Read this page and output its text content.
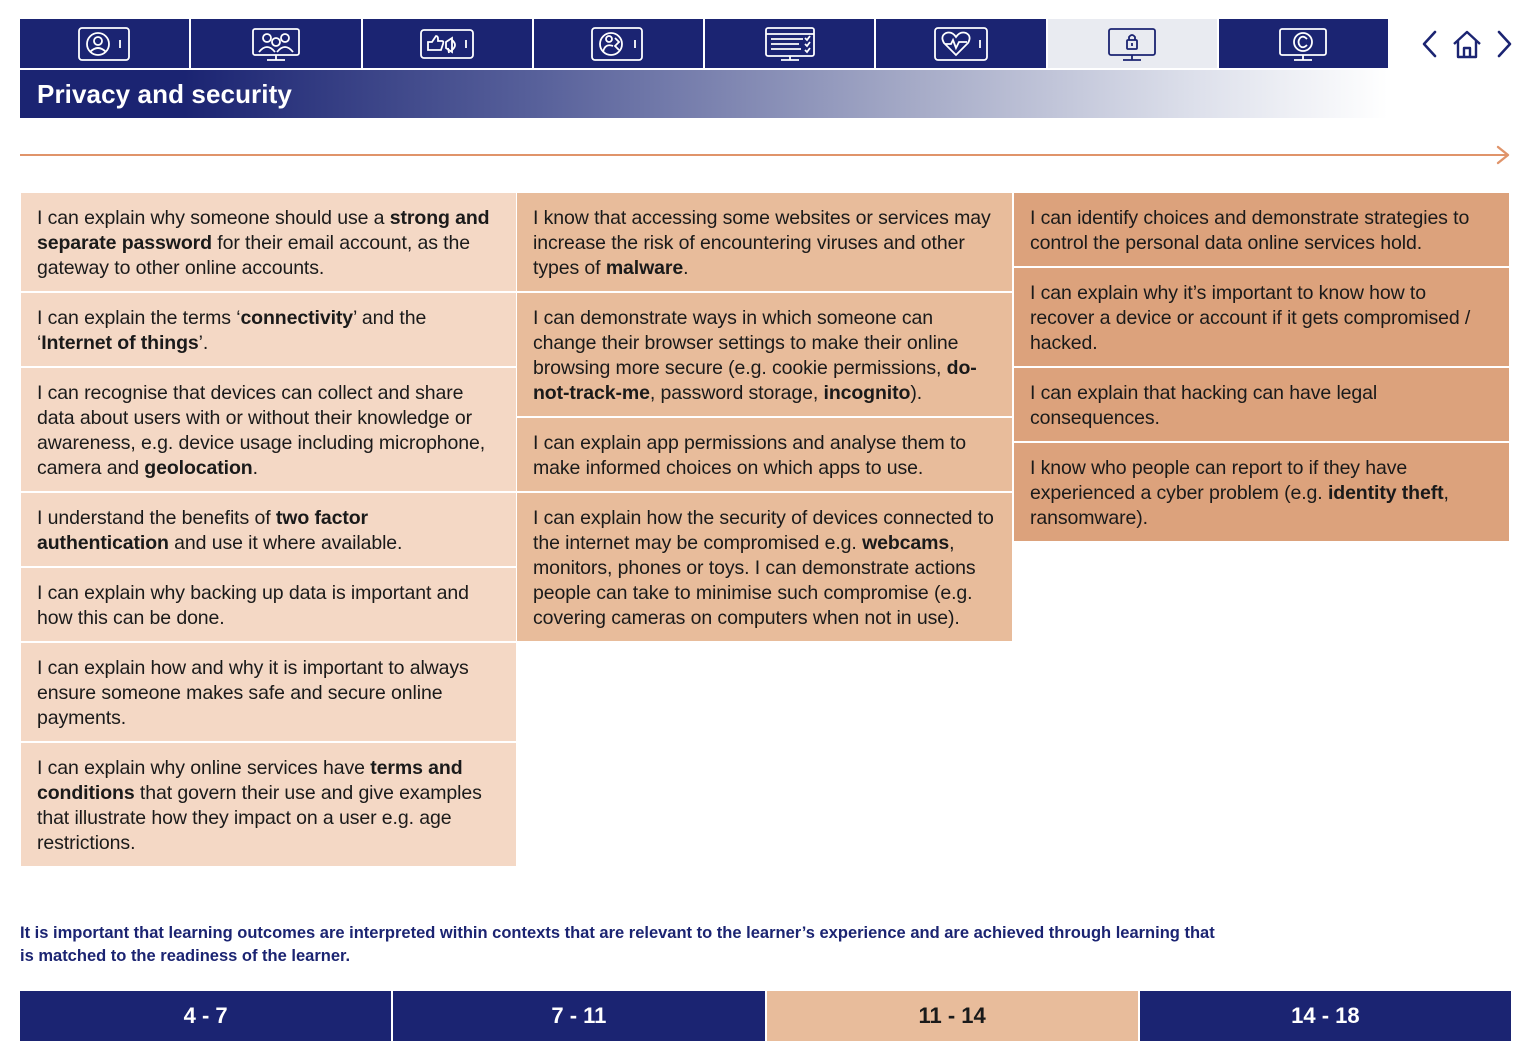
Privacy and security
I can explain why someone should use a strong and separate password for their email account, as the gateway to other online accounts.
I can explain the terms ‘connectivity’ and the ‘Internet of things’.
I can recognise that devices can collect and share data about users with or without their knowledge or awareness, e.g. device usage including microphone, camera and geolocation.
I understand the benefits of two factor authentication and use it where available.
I can explain why backing up data is important and how this can be done.
I can explain how and why it is important to always ensure someone makes safe and secure online payments.
I can explain why online services have terms and conditions that govern their use and give examples that illustrate how they impact on a user e.g. age restrictions.
I know that accessing some websites or services may increase the risk of encountering viruses and other types of malware.
I can demonstrate ways in which someone can change their browser settings to make their online browsing more secure (e.g. cookie permissions, do-not-track-me, password storage, incognito).
I can explain app permissions and analyse them to make informed choices on which apps to use.
I can explain how the security of devices connected to the internet may be compromised e.g. webcams, monitors, phones or toys. I can demonstrate actions people can take to minimise such compromise (e.g. covering cameras on computers when not in use).
I can identify choices and demonstrate strategies to control the personal data online services hold.
I can explain why it’s important to know how to recover a device or account if it gets compromised / hacked.
I can explain that hacking can have legal consequences.
I know who people can report to if they have experienced a cyber problem (e.g. identity theft, ransomware).

It is important that learning outcomes are interpreted within contexts that are relevant to the learner’s experience and are achieved through learning that is matched to the readiness of the learner.

4 - 7	7 - 11	11 - 14	14 - 18
